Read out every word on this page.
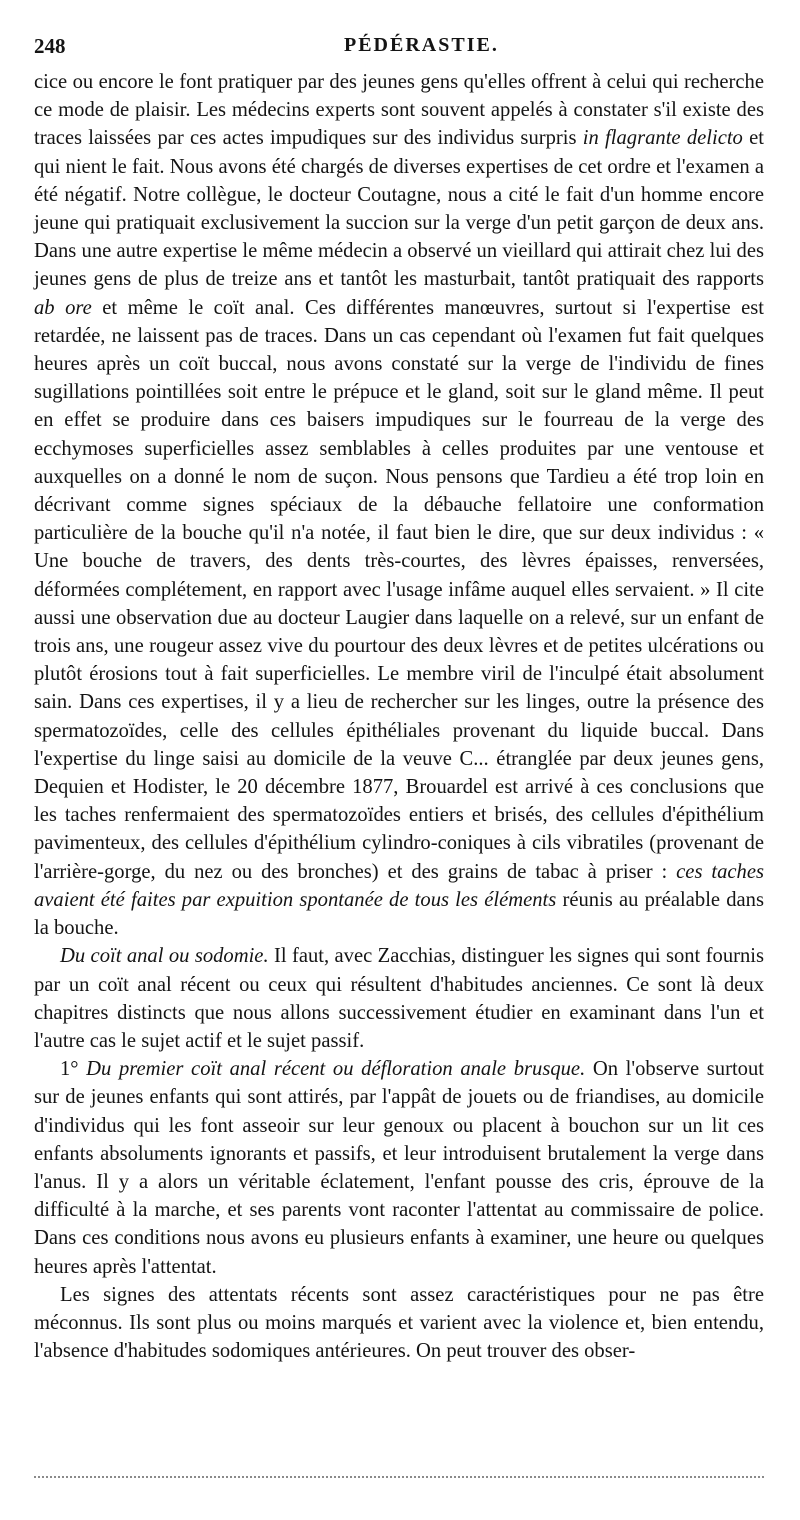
248	PÉDÉRASTIE.

cice ou encore le font pratiquer par des jeunes gens qu'elles offrent à celui qui recherche ce mode de plaisir. Les médecins experts sont souvent appelés à constater s'il existe des traces laissées par ces actes impudiques sur des individus surpris in flagrante delicto et qui nient le fait. Nous avons été chargés de diverses expertises de cet ordre et l'examen a été négatif. Notre collègue, le docteur Coutagne, nous a cité le fait d'un homme encore jeune qui pratiquait exclusivement la succion sur la verge d'un petit garçon de deux ans. Dans une autre expertise le même médecin a observé un vieillard qui attirait chez lui des jeunes gens de plus de treize ans et tantôt les masturbait, tantôt pratiquait des rapports ab ore et même le coït anal. Ces différentes manœuvres, surtout si l'expertise est retardée, ne laissent pas de traces. Dans un cas cependant où l'examen fut fait quelques heures après un coït buccal, nous avons constaté sur la verge de l'individu de fines sugillations pointillées soit entre le prépuce et le gland, soit sur le gland même. Il peut en effet se produire dans ces baisers impudiques sur le fourreau de la verge des ecchymoses superficielles assez semblables à celles produites par une ventouse et auxquelles on a donné le nom de suçon. Nous pensons que Tardieu a été trop loin en décrivant comme signes spéciaux de la débauche fellatoire une conformation particulière de la bouche qu'il n'a notée, il faut bien le dire, que sur deux individus : « Une bouche de travers, des dents très-courtes, des lèvres épaisses, renversées, déformées complétement, en rapport avec l'usage infâme auquel elles servaient. » Il cite aussi une observation due au docteur Laugier dans laquelle on a relevé, sur un enfant de trois ans, une rougeur assez vive du pourtour des deux lèvres et de petites ulcérations ou plutôt érosions tout à fait superficielles. Le membre viril de l'inculpé était absolument sain. Dans ces expertises, il y a lieu de rechercher sur les linges, outre la présence des spermatozoïdes, celle des cellules épithéliales provenant du liquide buccal. Dans l'expertise du linge saisi au domicile de la veuve C... étranglée par deux jeunes gens, Dequien et Hodister, le 20 décembre 1877, Brouardel est arrivé à ces conclusions que les taches renfermaient des spermatozoïdes entiers et brisés, des cellules d'épithélium pavimenteux, des cellules d'épithélium cylindro-coniques à cils vibratiles (provenant de l'arrière-gorge, du nez ou des bronches) et des grains de tabac à priser : ces taches avaient été faites par expuition spontanée de tous les éléments réunis au préalable dans la bouche.

Du coït anal ou sodomie. Il faut, avec Zacchias, distinguer les signes qui sont fournis par un coït anal récent ou ceux qui résultent d'habitudes anciennes. Ce sont là deux chapitres distincts que nous allons successivement étudier en examinant dans l'un et l'autre cas le sujet actif et le sujet passif.

1° Du premier coït anal récent ou défloration anale brusque. On l'observe surtout sur de jeunes enfants qui sont attirés, par l'appât de jouets ou de friandises, au domicile d'individus qui les font asseoir sur leur genoux ou placent à bouchon sur un lit ces enfants absoluments ignorants et passifs, et leur introduisent brutalement la verge dans l'anus. Il y a alors un véritable éclatement, l'enfant pousse des cris, éprouve de la difficulté à la marche, et ses parents vont raconter l'attentat au commissaire de police. Dans ces conditions nous avons eu plusieurs enfants à examiner, une heure ou quelques heures après l'attentat.

Les signes des attentats récents sont assez caractéristiques pour ne pas être méconnus. Ils sont plus ou moins marqués et varient avec la violence et, bien entendu, l'absence d'habitudes sodomiques antérieures. On peut trouver des obser-
